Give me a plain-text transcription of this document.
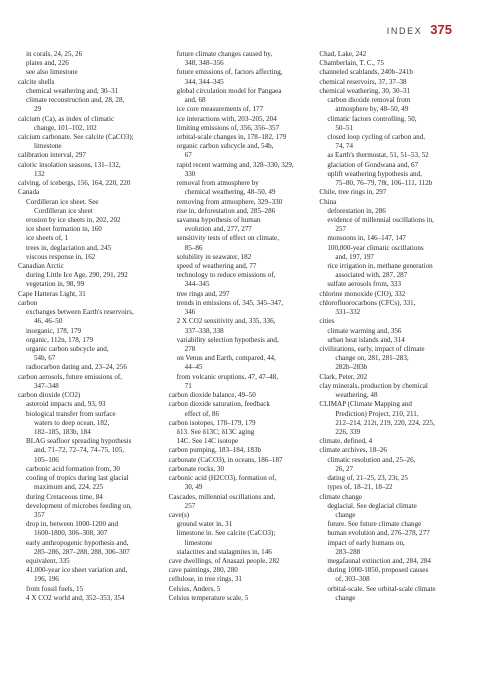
INDEX 375

in corals, 24, 25, 26

plates and, 226

see also limestone

calcite shells

chemical weathering and, 30–31

climate reconstruction and, 28, 28,

29

calcium (Ca), as index of climatic

change, 101–102, 102

calcium carbonate. See calcite (CaCO3);

limestone

calibration interval, 297

caloric insolation seasons, 131–132,

132

calving, of icebergs, 156, 164, 220, 220

Canada

Cordilleran ice sheet. See

Cordilleran ice sheet

erosion by ice sheets in, 202, 202

ice sheet formation in, 160

ice sheets of, 1

trees in, deglaciation and, 245

viscous response in, 162

Canadian Arctic

during Little Ice Age, 290, 291, 292

vegetation in, 98, 99

Cape Hatteras Light, 31

carbon

exchanges between Earth's reservoirs,

46, 46–50

inorganic, 178, 179

organic, 112n, 178, 179

organic carbon subcycle and,

54b, 67

radiocarbon dating and, 23–24, 256

carbon aerosols, future emissions of,

347–348

carbon dioxide (CO2)

asteroid impacts and, 93, 93

biological transfer from surface

waters to deep ocean, 182,

182–185, 183b, 184

BLAG seafloor spreading hypothesis

and, 71–72, 72–74, 74–75, 105,

105–106

carbonic acid formation from, 30

cooling of tropics during last glacial

maximum and, 224, 225

during Cretaceous time, 84

development of microbes feeding on,

357

drop in, between 1000-1200 and

1600-1800, 306–308, 307

early anthropogenic hypothesis and,

285–286, 287–288, 288, 306–307

equivalent, 335

41,000-year ice sheet variation and,

196, 196

from fossil fuels, 15

4 X CO2 world and, 352–353, 354

future climate changes caused by,

348, 348–356

future emissions of, factors affecting,

344, 344–345

global circulation model for Pangaea

and, 68

ice core measurements of, 177

ice interactions with, 203–205, 204

limiting emissions of, 356, 356–357

orbital-scale changes in, 178–182, 179

organic carbon subcycle and, 54b,

67

rapid recent warming and, 328–330, 329,

330

removal from atmosphere by

chemical weathering, 48–50, 49

removing from atmosphere, 329–330

rise in, deforestation and, 285–286

savanna hypothesis of human

evolution and, 277, 277

sensitivity tests of effect on climate,

85–86

solubility in seawater, 182

speed of weathering and, 77

technology to reduce emissions of,

344–345

tree rings and, 297

trends in emissions of, 345, 345–347,

346

2 X CO2 sensitivity and, 335, 336,

337–338, 338

variability selection hypothesis and,

278

on Venus and Earth, compared, 44,

44–45

from volcanic eruptions, 47, 47–48,

71

carbon dioxide balance, 49–50

carbon dioxide saturation, feedback

effect of, 86

carbon isotopes, 178–179, 179

δ13. See δ13C; δ13C aging

14C. See 14C isotope

carbon pumping, 183–184, 183b

carbonate (CaCO3), in oceans, 186–187

carbonate rocks, 30

carbonic acid (H2CO3), formation of,

30, 49

Cascades, millennial oscillations and,

257

cave(s)

ground water in, 31

limestone in. See calcite (CaCO3);

limestone

stalactites and stalagmites in, 146

cave dwellings, of Anasazi people, 282

cave paintings, 280, 280

cellulose, in tree rings, 31

Celsius, Anders, 5

Celsius temperature scale, 5

Chad, Lake, 242

Chamberlain, T. C., 75

channeled scablands, 240b–241b

chemical reservoirs, 37, 37–38

chemical weathering, 30, 30–31

carbon dioxide removal from

atmosphere by, 48–50, 49

climatic factors controlling, 50,

50–51

closed loop cycling of carbon and,

74, 74

as Earth's thermostat, 51, 51–53, 52

glaciation of Gondwana and, 67

uplift weathering hypothesis and,

75–80, 76–79, 78t, 106–111, 112b

Chile, tree rings in, 297

China

deforestation in, 286

evidence of millennial oscillations in,

257

monsoons in, 146–147, 147

100,000-year climatic oscillations

and, 197, 197

rice irrigation in, methane generation

associated with, 287, 287

sulfate aerosols from, 333

chlorine monoxide (ClO), 332

chlorofluorocarbons (CFCs), 331,

331–332

cities

climate warming and, 356

urban heat islands and, 314

civilizations, early, impact of climate

change on, 281, 281–283,

282b–283b

Clark, Peter, 202

clay minerals, production by chemical

weathering, 48

CLIMAP (Climate Mapping and

Prediction) Project, 210, 211,

212–214, 212t, 219, 220, 224, 225,

226, 339

climate, defined, 4

climate archives, 18–26

climatic resolution and, 25–26,

26, 27

dating of, 21–25, 23, 23t, 25

types of, 18–21, 18–22

climate change

deglacial. See deglacial climate

change

future. See future climate change

human evolution and, 276–278, 277

impact of early humans on,

283–288

megafaunal extinction and, 284, 284

during 1000-1850, proposed causes

of, 303–308

orbital-scale. See orbital-scale climate

change
